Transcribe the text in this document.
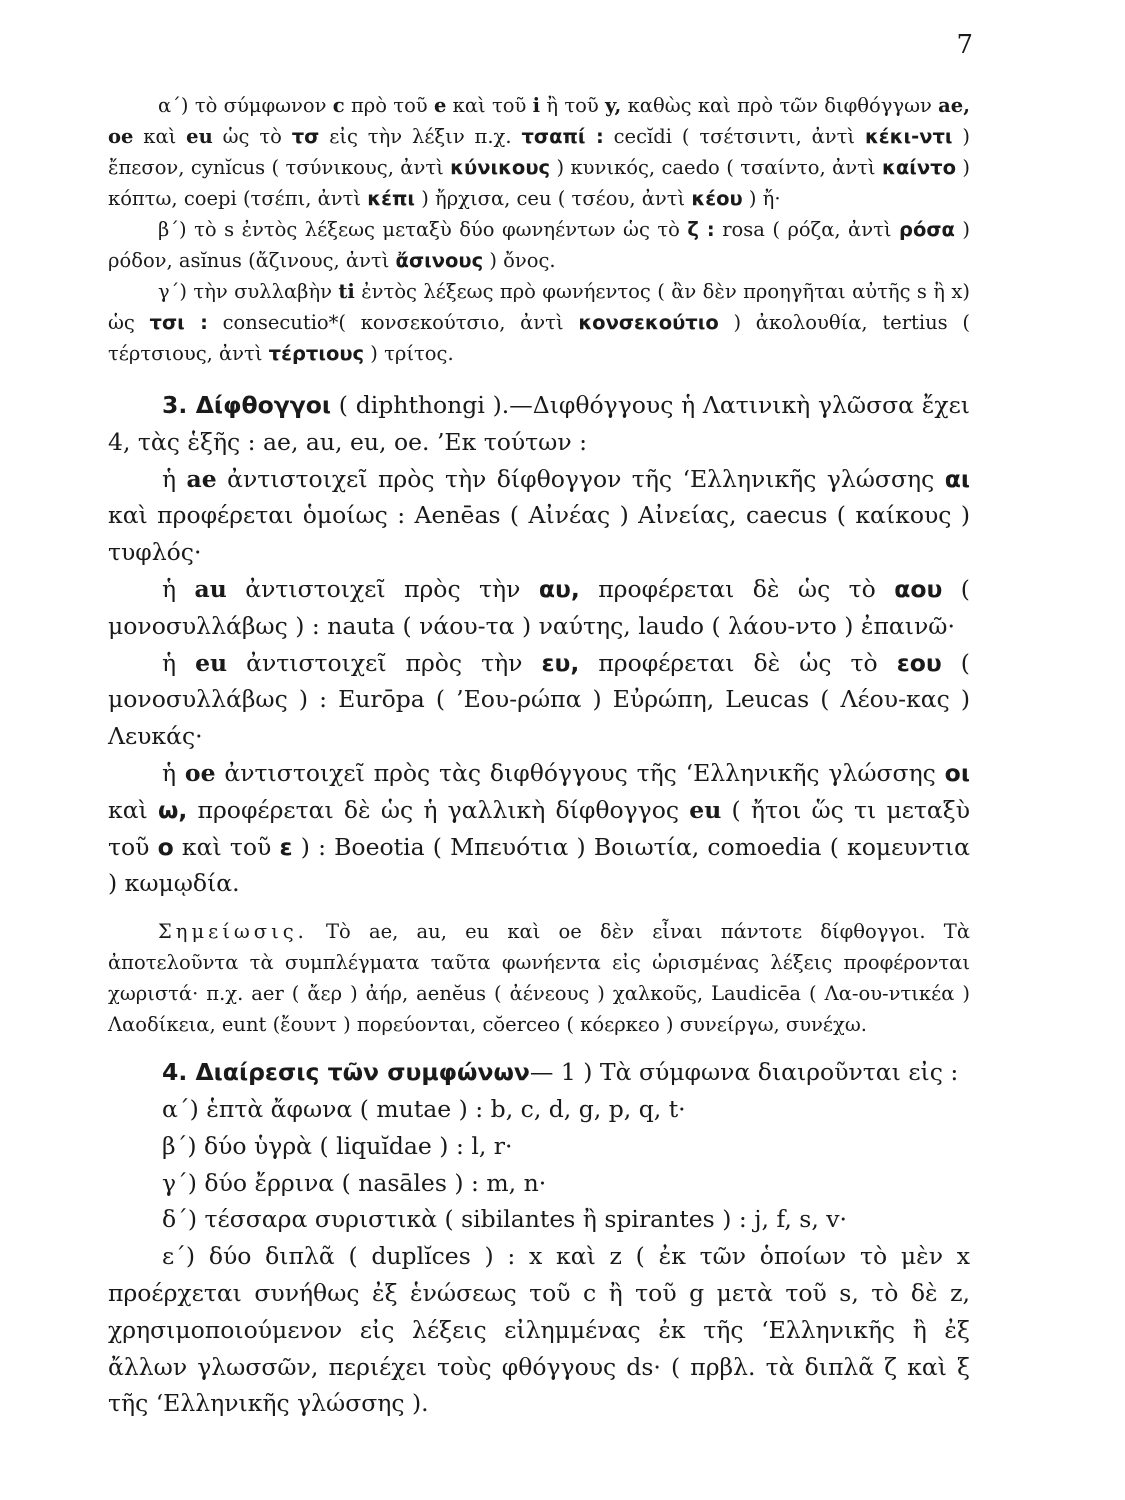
7

α΄) τὸ σύμφωνον c πρὸ τοῦ e καὶ τοῦ i ἢ τοῦ y, καθὼς καὶ πρὸ τῶν διφθόγγων ae, oe καὶ eu ὡς τὸ τσ εἰς τὴν λέξιν π.χ. τσαπί : cecĭdi ( τσέτσιντι, ἀντὶ κέκι-ντι ) ἔπεσον, cynĭcus ( τσύνικους, ἀντὶ κύνικους ) κυνικός, caedo ( τσαίντο, ἀντὶ καίντο ) κόπτω, coepi (τσέπι, ἀντὶ κέπι ) ἤρχισα, ceu ( τσέου, ἀντὶ κέου ) ἤ·

β΄) τὸ s ἐντὸς λέξεως μεταξὺ δύο φωνηέντων ὡς τὸ ζ : rosa ( ρόζα, ἀντὶ ρόσα ) ρόδον, asĭnus (ἄζινους, ἀντὶ ἄσινους ) ὄνος.

γ΄) τὴν συλλαβὴν ti ἐντὸς λέξεως πρὸ φωνήεντος ( ἂν δὲν προηγῆται αὐτῆς s ἢ x) ὡς τσι : consecutio*( κονσεκούτσιο, ἀντὶ κονσεκούτιο ) ἀκολουθία, tertius ( τέρτσιους, ἀντὶ τέρτιους ) τρίτος.

3. Δίφθογγοι ( diphthongi ).—Διφθόγγους ἡ Λατινικὴ γλῶσσα ἔχει 4, τὰς ἑξῆς : ae, au, eu, oe. ’Εκ τούτων :

ἡ ae ἀντιστοιχεῖ πρὸς τὴν δίφθογγον τῆς ‘Ελληνικῆς γλώσσης αι καὶ προφέρεται ὁμοίως : Aenēas ( Αἰνέας ) Αἰνείας, caecus ( καίκους ) τυφλός·

ἡ au ἀντιστοιχεῖ πρὸς τὴν αυ, προφέρεται δὲ ὡς τὸ αου ( μονοσυλλάβως ) : nauta ( νάου-τα ) ναύτης, laudo ( λάου-ντο ) ἐπαινῶ·

ἡ eu ἀντιστοιχεῖ πρὸς τὴν ευ, προφέρεται δὲ ὡς τὸ εου ( μονοσυλλάβως ) : Eurōpa ( ’Εου-ρώπα ) Εὐρώπη, Leucas ( Λέου-κας ) Λευκάς·

ἡ oe ἀντιστοιχεῖ πρὸς τὰς διφθόγγους τῆς ‘Ελληνικῆς γλώσσης οι καὶ ω, προφέρεται δὲ ὡς ἡ γαλλικὴ δίφθογγος eu ( ἤτοι ὥς τι μεταξὺ τοῦ ο καὶ τοῦ ε ) : Boeotia ( Μπευότια ) Βοιωτία, comoedia ( κομευντια ) κωμῳδία.

Σημείωσις. Τὸ ae, au, eu καὶ oe δὲν εἶναι πάντοτε δίφθογγοι. Τὰ ἀποτελοῦντα τὰ συμπλέγματα ταῦτα φωνήεντα εἰς ὡρισμένας λέξεις προφέρονται χωριστά· π.χ. aer ( ἄερ ) ἀήρ, aenĕus ( ἀένεους ) χαλκοῦς, Laudicēa ( Λα-ου-ντικέα ) Λαοδίκεια, eunt (ἔουντ ) πορεύονται, cŏerceo ( κόερκεο ) συνείργω, συνέχω.

4. Διαίρεσις τῶν συμφώνων— 1 ) Τὰ σύμφωνα διαιροῦνται εἰς :

α΄) ἑπτὰ ἄφωνα ( mutae ) : b, c, d, g, p, q, t·

β΄) δύο ὑγρὰ ( liquĭdae ) : l, r·

γ΄) δύο ἔρρινα ( nasāles ) : m, n·

δ΄) τέσσαρα συριστικὰ ( sibilantes ἢ spirantes ) : j, f, s, v·

ε΄) δύο διπλᾶ ( duplĭces ) : x καὶ z ( ἐκ τῶν ὁποίων τὸ μὲν x προέρχεται συνήθως ἐξ ἑνώσεως τοῦ c ἢ τοῦ g μετὰ τοῦ s, τὸ δὲ z, χρησιμοποιούμενον εἰς λέξεις εἰλημμένας ἐκ τῆς ‘Ελληνικῆς ἢ ἐξ ἄλλων γλωσσῶν, περιέχει τοὺς φθόγγους ds· ( πρβλ. τὰ διπλᾶ ζ καὶ ξ τῆς ‘Ελληνικῆς γλώσσης ).
